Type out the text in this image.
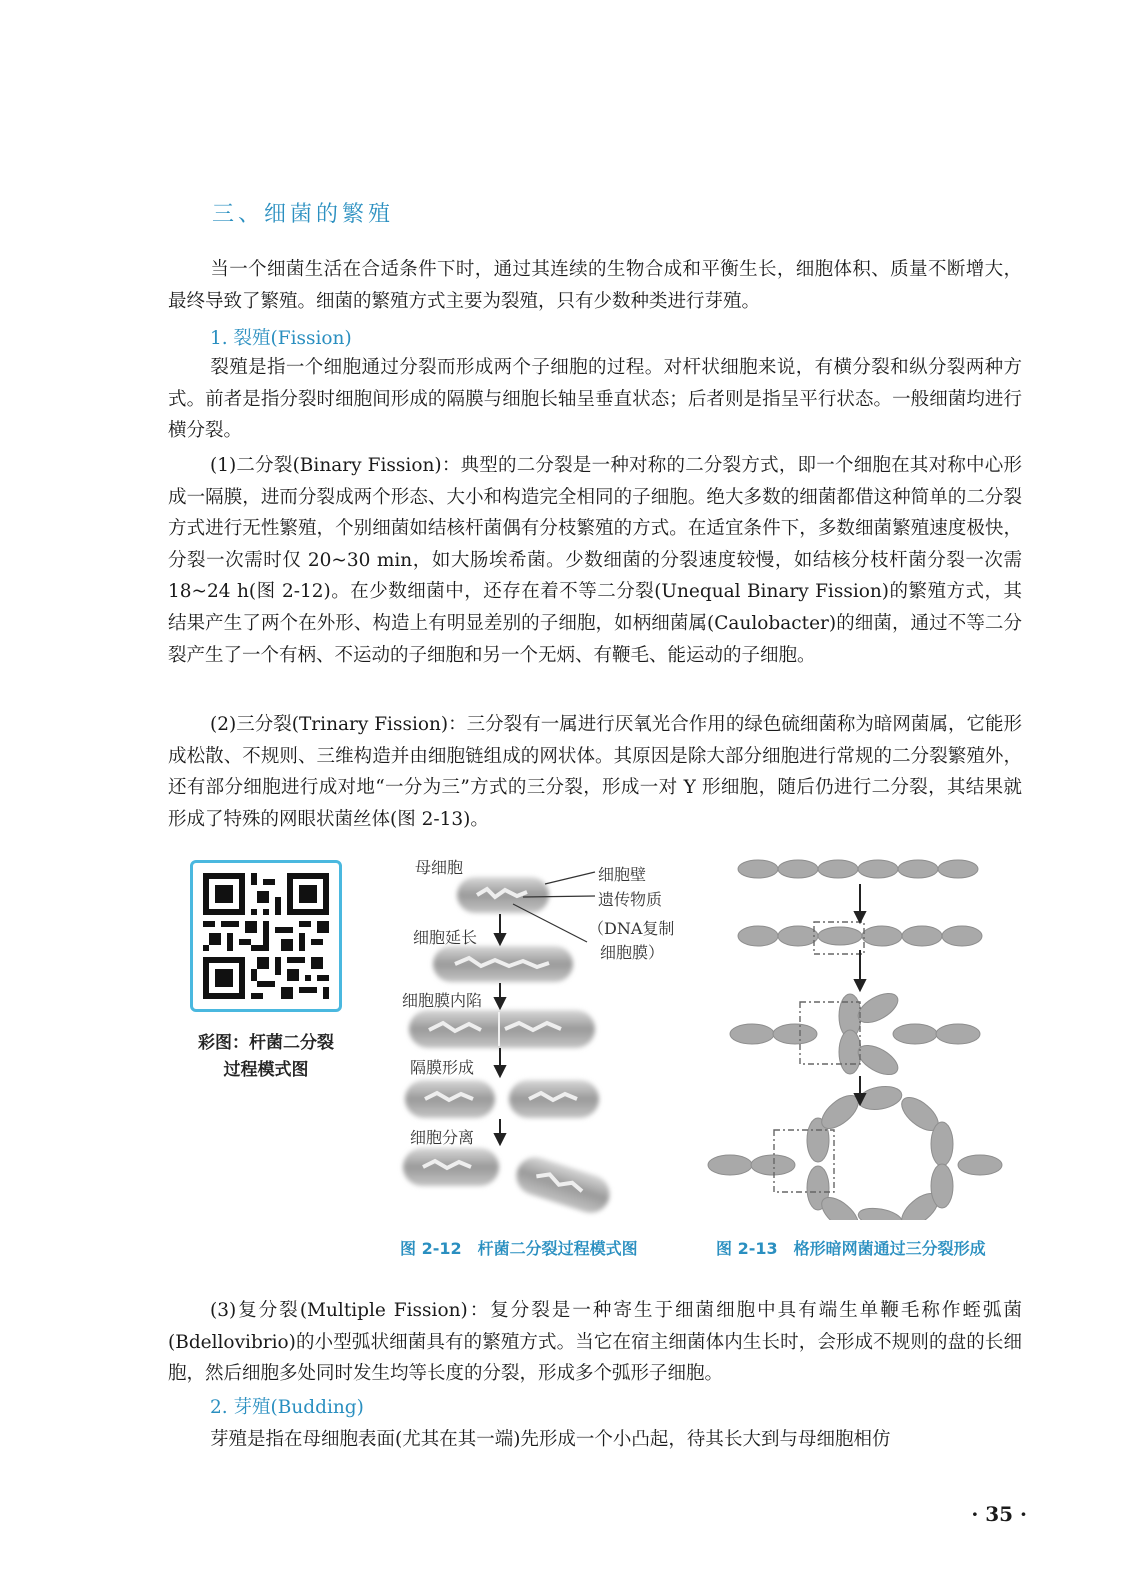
三、细菌的繁殖
当一个细菌生活在合适条件下时，通过其连续的生物合成和平衡生长，细胞体积、质量不断增大，最终导致了繁殖。细菌的繁殖方式主要为裂殖，只有少数种类进行芽殖。
1. 裂殖(Fission)
裂殖是指一个细胞通过分裂而形成两个子细胞的过程。对杆状细胞来说，有横分裂和纵分裂两种方式。前者是指分裂时细胞间形成的隔膜与细胞长轴呈垂直状态；后者则是指呈平行状态。一般细菌均进行横分裂。
(1)二分裂(Binary Fission)：典型的二分裂是一种对称的二分裂方式，即一个细胞在其对称中心形成一隔膜，进而分裂成两个形态、大小和构造完全相同的子细胞。绝大多数的细菌都借这种简单的二分裂方式进行无性繁殖，个别细菌如结核杆菌偶有分枝繁殖的方式。在适宜条件下，多数细菌繁殖速度极快，分裂一次需时仅 20~30 min，如大肠埃希菌。少数细菌的分裂速度较慢，如结核分枝杆菌分裂一次需 18~24 h(图 2-12)。在少数细菌中，还存在着不等二分裂(Unequal Binary Fission)的繁殖方式，其结果产生了两个在外形、构造上有明显差别的子细胞，如柄细菌属(Caulobacter)的细菌，通过不等二分裂产生了一个有柄、不运动的子细胞和另一个无炳、有鞭毛、能运动的子细胞。
(2)三分裂(Trinary Fission)：三分裂有一属进行厌氧光合作用的绿色硫细菌称为暗网菌属，它能形成松散、不规则、三维构造并由细胞链组成的网状体。其原因是除大部分细胞进行常规的二分裂繁殖外，还有部分细胞进行成对地“一分为三”方式的三分裂，形成一对 Y 形细胞，随后仍进行二分裂，其结果就形成了特殊的网眼状菌丝体(图 2-13)。
彩图：杆菌二分裂
过程模式图
母细胞
细胞延长
细胞膜内陷
隔膜形成
细胞分离
细胞壁
遗传物质
（DNA复制
细胞膜）
图 2-12　杆菌二分裂过程模式图	图 2-13　格形暗网菌通过三分裂形成
(3)复分裂(Multiple Fission)：复分裂是一种寄生于细菌细胞中具有端生单鞭毛称作蛭弧菌(Bdellovibrio)的小型弧状细菌具有的繁殖方式。当它在宿主细菌体内生长时，会形成不规则的盘的长细胞，然后细胞多处同时发生均等长度的分裂，形成多个弧形子细胞。
2. 芽殖(Budding)
芽殖是指在母细胞表面(尤其在其一端)先形成一个小凸起，待其长大到与母细胞相仿
· 35 ·
